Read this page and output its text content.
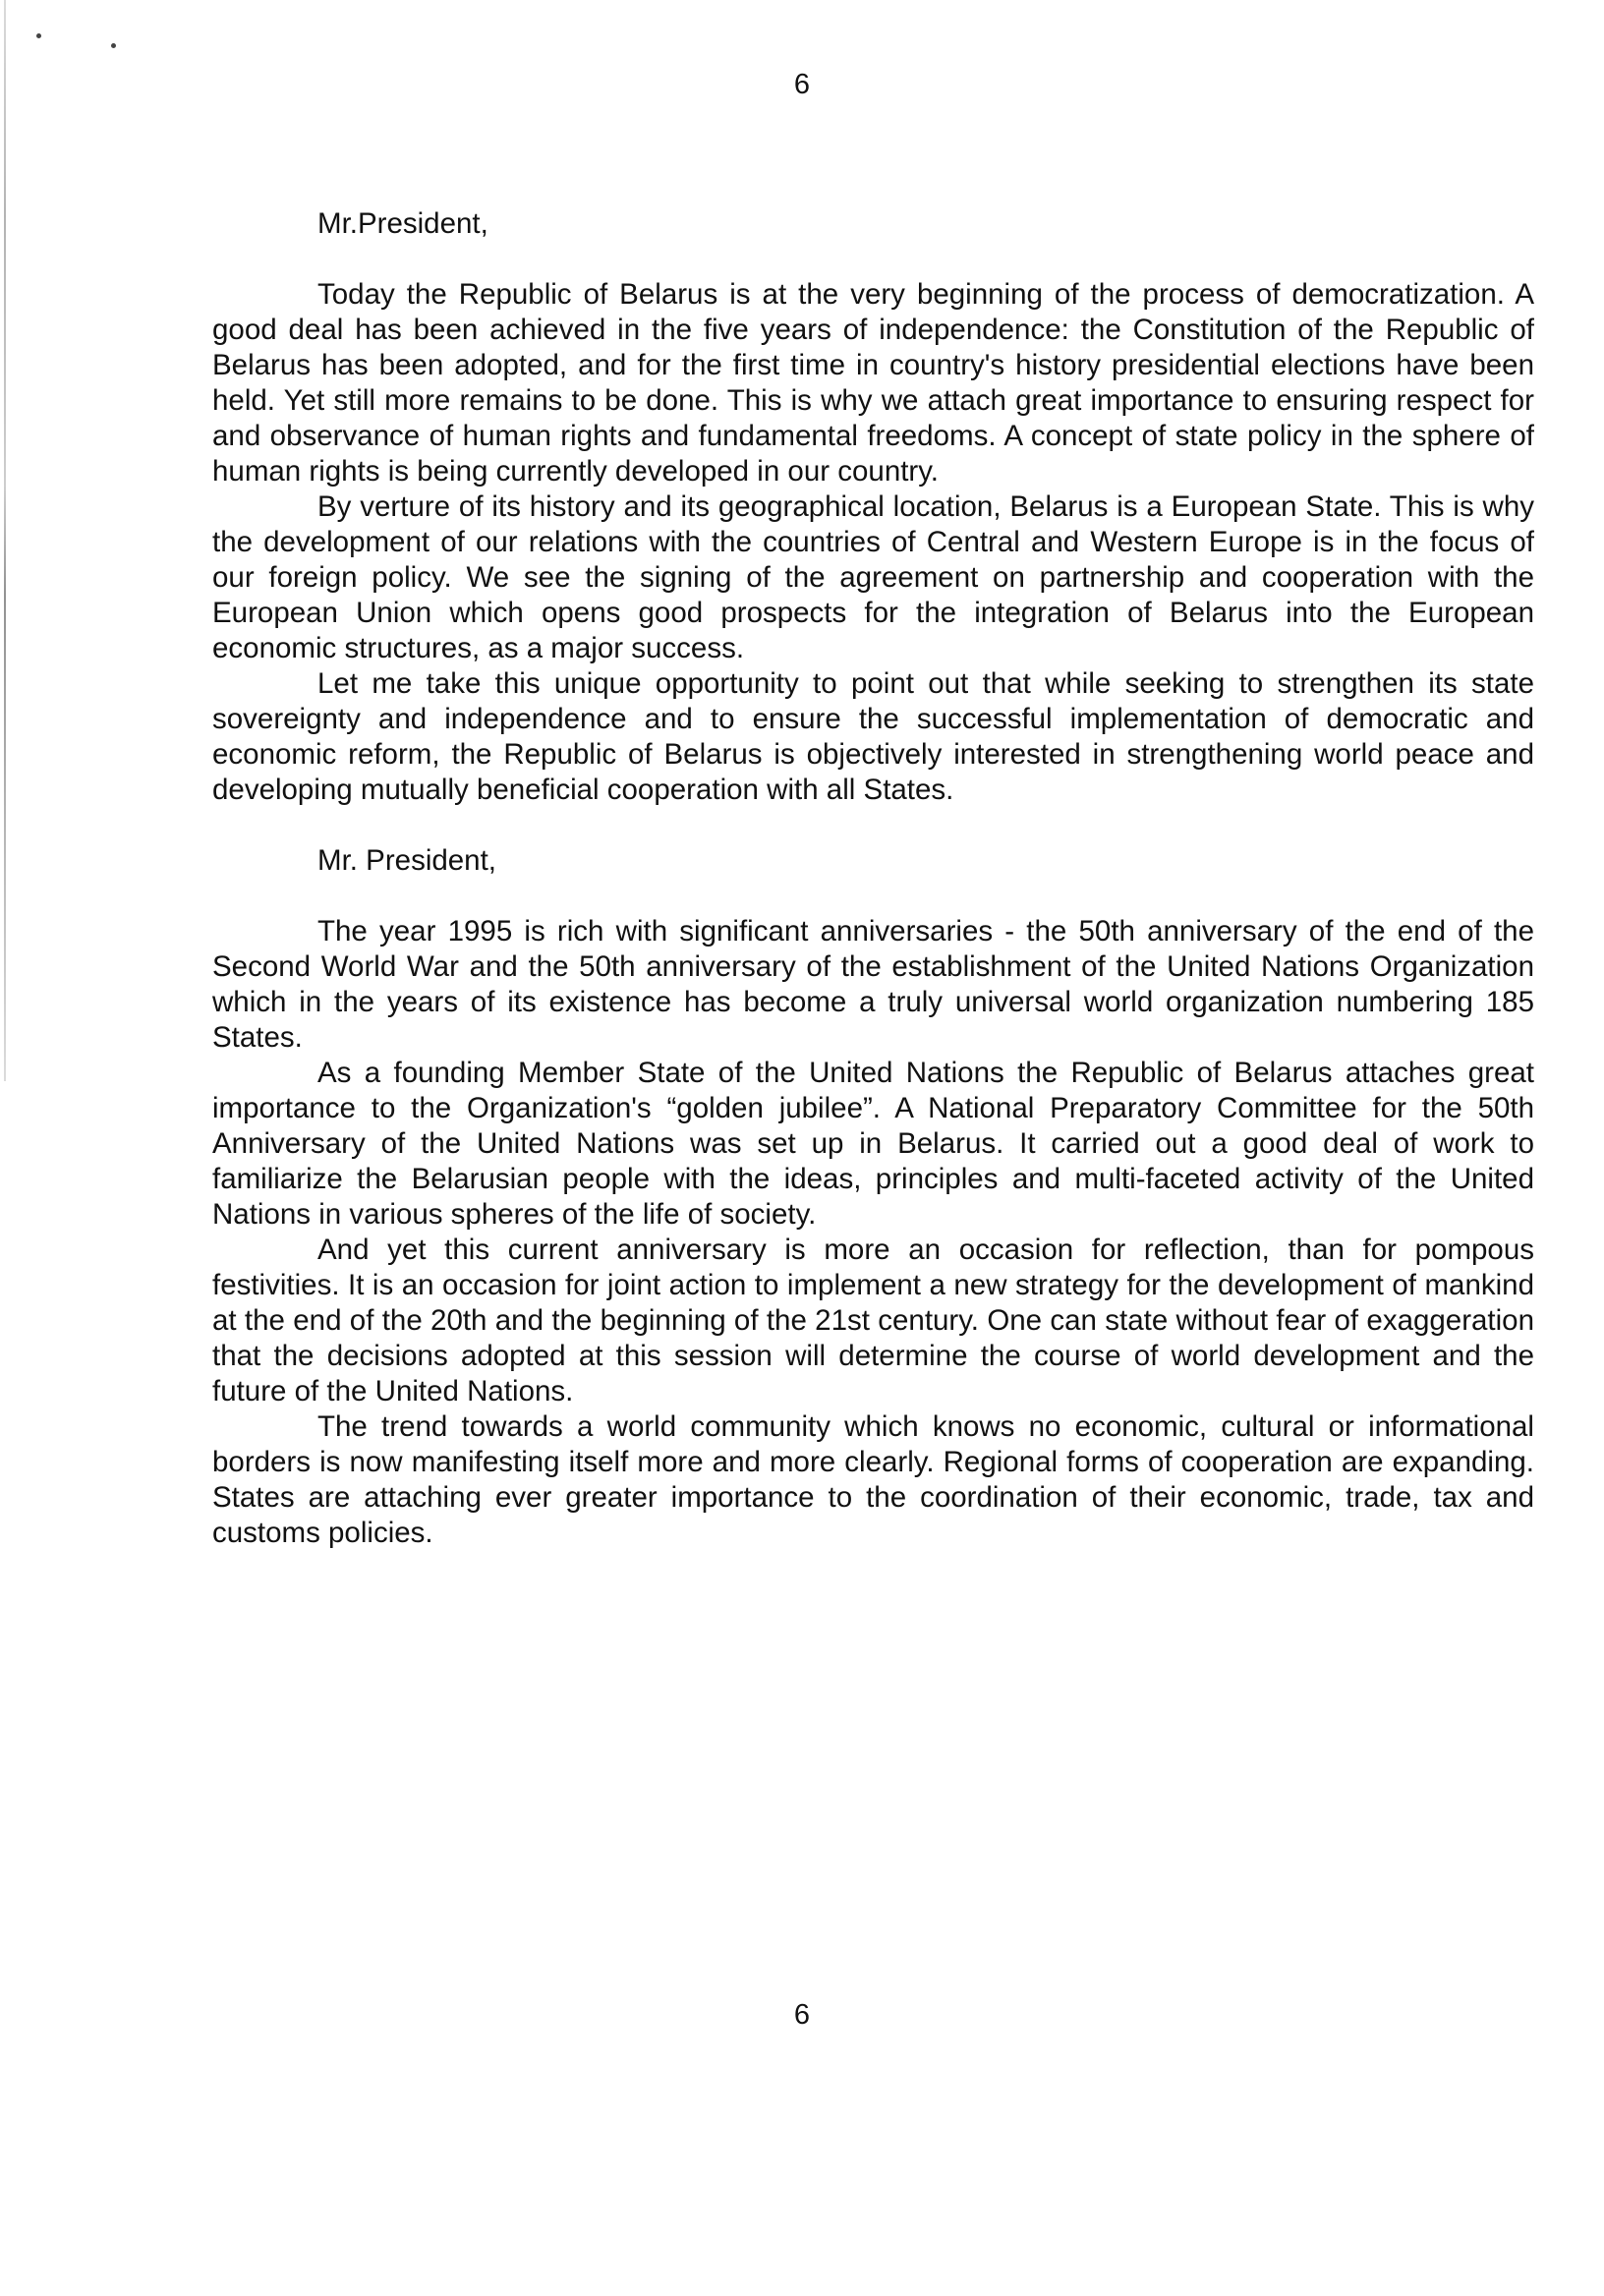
6

Mr.President,

Today the Republic of Belarus is at the very beginning of the process of democratization. A good deal has been achieved in the five years of independence: the Constitution of the Republic of Belarus has been adopted, and for the first time in country's history presidential elections have been held. Yet still more remains to be done. This is why we attach great importance to ensuring respect for and observance of human rights and fundamental freedoms. A concept of state policy in the sphere of human rights is being currently developed in our country.

By verture of its history and its geographical location, Belarus is a European State. This is why the development of our relations with the countries of Central and Western Europe is in the focus of our foreign policy. We see the signing of the agreement on partnership and cooperation with the European Union which opens good prospects for the integration of Belarus into the European economic structures, as a major success.

Let me take this unique opportunity to point out that while seeking to strengthen its state sovereignty and independence and to ensure the successful implementation of democratic and economic reform, the Republic of Belarus is objectively interested in strengthening world peace and developing mutually beneficial cooperation with all States.

Mr. President,

The year 1995 is rich with significant anniversaries - the 50th anniversary of the end of the Second World War and the 50th anniversary of the establishment of the United Nations Organization which in the years of its existence has become a truly universal world organization numbering 185 States.

As a founding Member State of the United Nations the Republic of Belarus attaches great importance to the Organization's “golden jubilee”. A National Preparatory Committee for the 50th Anniversary of the United Nations was set up in Belarus. It carried out a good deal of work to familiarize the Belarusian people with the ideas, principles and multi-faceted activity of the United Nations in various spheres of the life of society.

And yet this current anniversary is more an occasion for reflection, than for pompous festivities. It is an occasion for joint action to implement a new strategy for the development of mankind at the end of the 20th and the beginning of the 21st century. One can state without fear of exaggeration that the decisions adopted at this session will determine the course of world development and the future of the United Nations.

The trend towards a world community which knows no economic, cultural or informational borders is now manifesting itself more and more clearly. Regional forms of cooperation are expanding. States are attaching ever greater importance to the coordination of their economic, trade, tax and customs policies.

6
